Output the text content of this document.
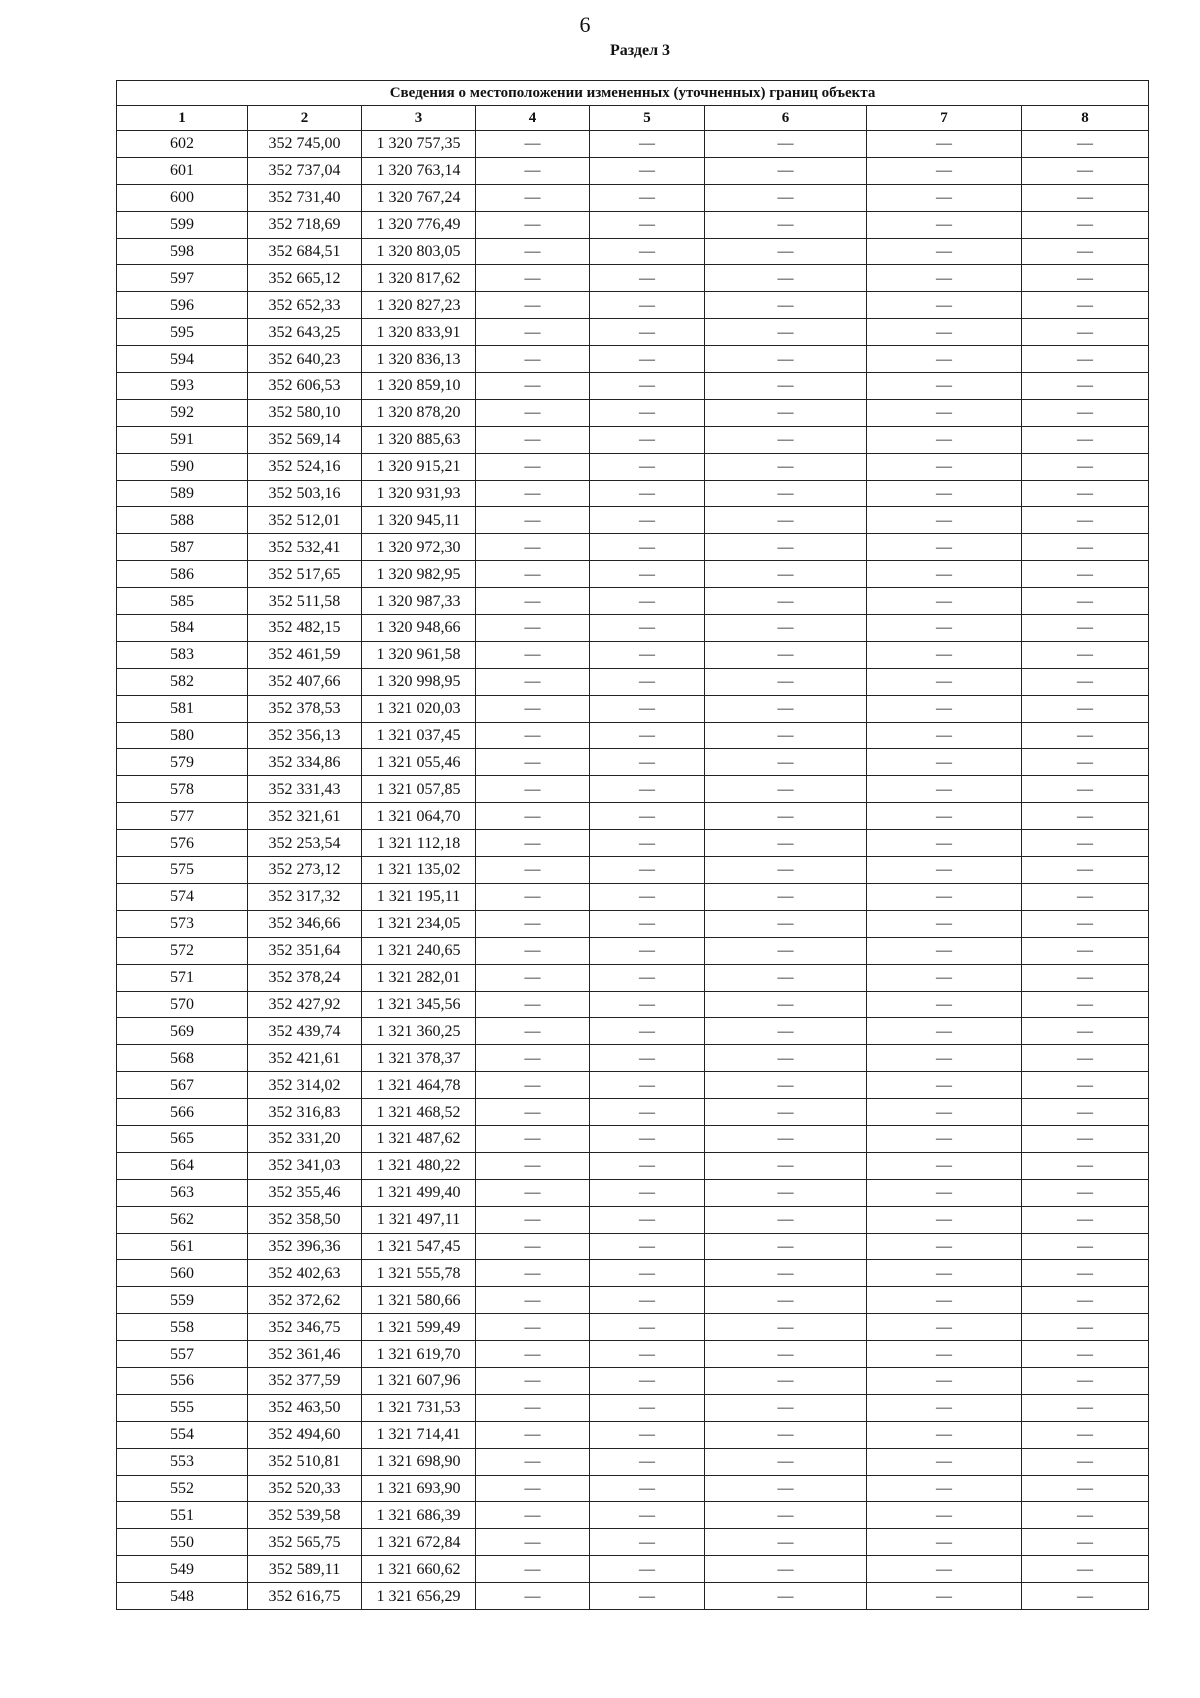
6
Раздел 3
Сведения о местоположении измененных (уточненных) границ объекта							
1	2	3	4	5	6	7	8
602	352 745,00	1 320 757,35	—	—	—	—	—
601	352 737,04	1 320 763,14	—	—	—	—	—
600	352 731,40	1 320 767,24	—	—	—	—	—
599	352 718,69	1 320 776,49	—	—	—	—	—
598	352 684,51	1 320 803,05	—	—	—	—	—
597	352 665,12	1 320 817,62	—	—	—	—	—
596	352 652,33	1 320 827,23	—	—	—	—	—
595	352 643,25	1 320 833,91	—	—	—	—	—
594	352 640,23	1 320 836,13	—	—	—	—	—
593	352 606,53	1 320 859,10	—	—	—	—	—
592	352 580,10	1 320 878,20	—	—	—	—	—
591	352 569,14	1 320 885,63	—	—	—	—	—
590	352 524,16	1 320 915,21	—	—	—	—	—
589	352 503,16	1 320 931,93	—	—	—	—	—
588	352 512,01	1 320 945,11	—	—	—	—	—
587	352 532,41	1 320 972,30	—	—	—	—	—
586	352 517,65	1 320 982,95	—	—	—	—	—
585	352 511,58	1 320 987,33	—	—	—	—	—
584	352 482,15	1 320 948,66	—	—	—	—	—
583	352 461,59	1 320 961,58	—	—	—	—	—
582	352 407,66	1 320 998,95	—	—	—	—	—
581	352 378,53	1 321 020,03	—	—	—	—	—
580	352 356,13	1 321 037,45	—	—	—	—	—
579	352 334,86	1 321 055,46	—	—	—	—	—
578	352 331,43	1 321 057,85	—	—	—	—	—
577	352 321,61	1 321 064,70	—	—	—	—	—
576	352 253,54	1 321 112,18	—	—	—	—	—
575	352 273,12	1 321 135,02	—	—	—	—	—
574	352 317,32	1 321 195,11	—	—	—	—	—
573	352 346,66	1 321 234,05	—	—	—	—	—
572	352 351,64	1 321 240,65	—	—	—	—	—
571	352 378,24	1 321 282,01	—	—	—	—	—
570	352 427,92	1 321 345,56	—	—	—	—	—
569	352 439,74	1 321 360,25	—	—	—	—	—
568	352 421,61	1 321 378,37	—	—	—	—	—
567	352 314,02	1 321 464,78	—	—	—	—	—
566	352 316,83	1 321 468,52	—	—	—	—	—
565	352 331,20	1 321 487,62	—	—	—	—	—
564	352 341,03	1 321 480,22	—	—	—	—	—
563	352 355,46	1 321 499,40	—	—	—	—	—
562	352 358,50	1 321 497,11	—	—	—	—	—
561	352 396,36	1 321 547,45	—	—	—	—	—
560	352 402,63	1 321 555,78	—	—	—	—	—
559	352 372,62	1 321 580,66	—	—	—	—	—
558	352 346,75	1 321 599,49	—	—	—	—	—
557	352 361,46	1 321 619,70	—	—	—	—	—
556	352 377,59	1 321 607,96	—	—	—	—	—
555	352 463,50	1 321 731,53	—	—	—	—	—
554	352 494,60	1 321 714,41	—	—	—	—	—
553	352 510,81	1 321 698,90	—	—	—	—	—
552	352 520,33	1 321 693,90	—	—	—	—	—
551	352 539,58	1 321 686,39	—	—	—	—	—
550	352 565,75	1 321 672,84	—	—	—	—	—
549	352 589,11	1 321 660,62	—	—	—	—	—
548	352 616,75	1 321 656,29	—	—	—	—	—
